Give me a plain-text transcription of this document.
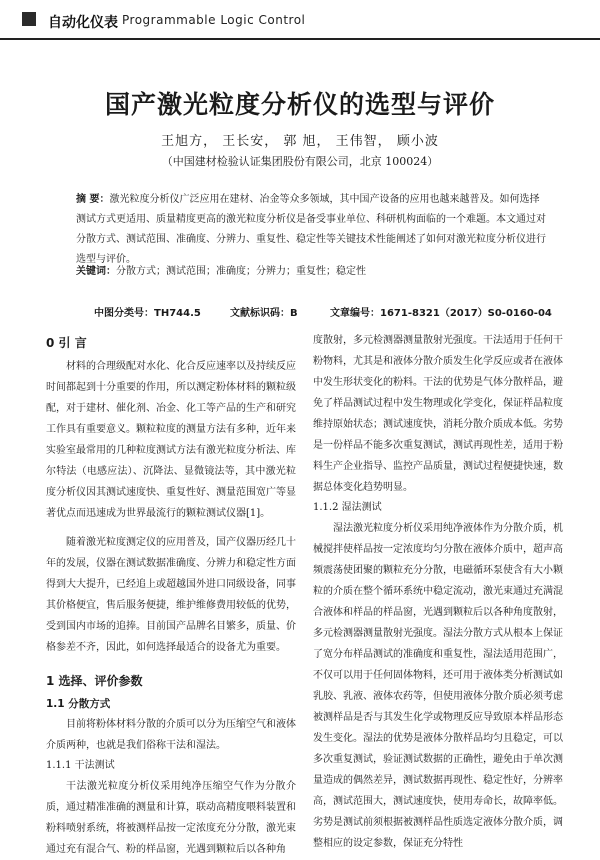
自动化仪表 Programmable Logic Control
国产激光粒度分析仪的选型与评价
王旭方， 王长安， 郭 旭， 王伟智， 顾小波
（中国建材检验认证集团股份有限公司，北京 100024）
摘 要：激光粒度分析仪广泛应用在建材、冶金等众多领域，其中国产设备的应用也越来越普及。如何选择测试方式更适用、质量精度更高的激光粒度分析仪是备受事业单位、科研机构面临的一个难题。本文通过对分散方式、测试范围、准确度、分辨力、重复性、稳定性等关键技术性能阐述了如何对激光粒度分析仪进行选型与评价。
关键词：分散方式；测试范围；准确度；分辨力；重复性；稳定性
中图分类号：TH744.5	文献标识码：B	文章编号：1671-8321（2017）S0-0160-04
0 引 言

材料的合理级配对水化、化合反应速率以及持续反应时间都起到十分重要的作用，所以测定粉体材料的颗粒级配，对于建材、催化剂、冶金、化工等产品的生产和研究工作具有重要意义。颗粒粒度的测量方法有多种，近年来实验室最常用的几种粒度测试方法有激光粒度分析法、库尔特法（电感应法）、沉降法、显微镜法等，其中激光粒度分析仪因其测试速度快、重复性好、测量范围宽广等显著优点而迅速成为世界最流行的颗粒测试仪器[1]。

随着激光粒度测定仪的应用普及，国产仪器历经几十年的发展，仪器在测试数据准确度、分辨力和稳定性方面得到大大提升，已经追上或超越国外进口同级设备，同事其价格便宜，售后服务便捷，维护维修费用较低的优势，受到国内市场的追捧。目前国产品牌名目繁多，质量、价格参差不齐，因此，如何选择最适合的设备尤为重要。

1 选择、评价参数
1.1 分散方式

目前将粉体材料分散的介质可以分为压缩空气和液体介质两种，也就是我们俗称干法和湿法。

1.1.1 干法测试

干法激光粒度分析仪采用纯净压缩空气作为分散介质，通过精准准确的测量和计算，联动高精度喂料装置和粉料喷射系统，将被测样品按一定浓度充分分散，激光束通过充有混合气、粉的样品窗，光遇到颗粒后以各种角

度散射，多元检测器测量散射光强度。干法适用于任何干粉物料，尤其是和液体分散介质发生化学反应或者在液体中发生形状变化的粉料。干法的优势是气体分散样品，避免了样品测试过程中发生物理或化学变化，保证样品粒度维持原始状态；测试速度快，消耗分散介质成本低。劣势是一份样品不能多次重复测试，测试再现性差，适用于粉料生产企业指导、监控产品质量，测试过程便捷快速，数据总体变化趋势明显。

1.1.2 湿法测试

湿法激光粒度分析仪采用纯净液体作为分散介质，机械搅拌使样品按一定浓度均匀分散在液体介质中，超声高频震荡使团聚的颗粒充分分散，电磁循环泵使含有大小颗粒的介质在整个循环系统中稳定流动，激光束通过充满混合液体和样品的样品窗，光遇到颗粒后以各种角度散射，多元检测器测量散射光强度。湿法分散方式从根本上保证了宽分布样品测试的准确度和重复性，湿法适用范围广，不仅可以用于任何固体物料，还可用于液体类分析测试如乳胶、乳液、液体农药等，但使用液体分散介质必须考虑被测样品是否与其发生化学或物理反应导致原本样品形态发生变化。湿法的优势是液体分散样品均匀且稳定，可以多次重复测试，验证测试数据的正确性，避免由于单次测量造成的偶然差异，测试数据再现性、稳定性好，分辨率高，测试范围大，测试速度快，使用寿命长，故障率低。劣势是测试前须根据被测样品性质选定液体分散介质，调整相应的设定参数，保证充分特性
